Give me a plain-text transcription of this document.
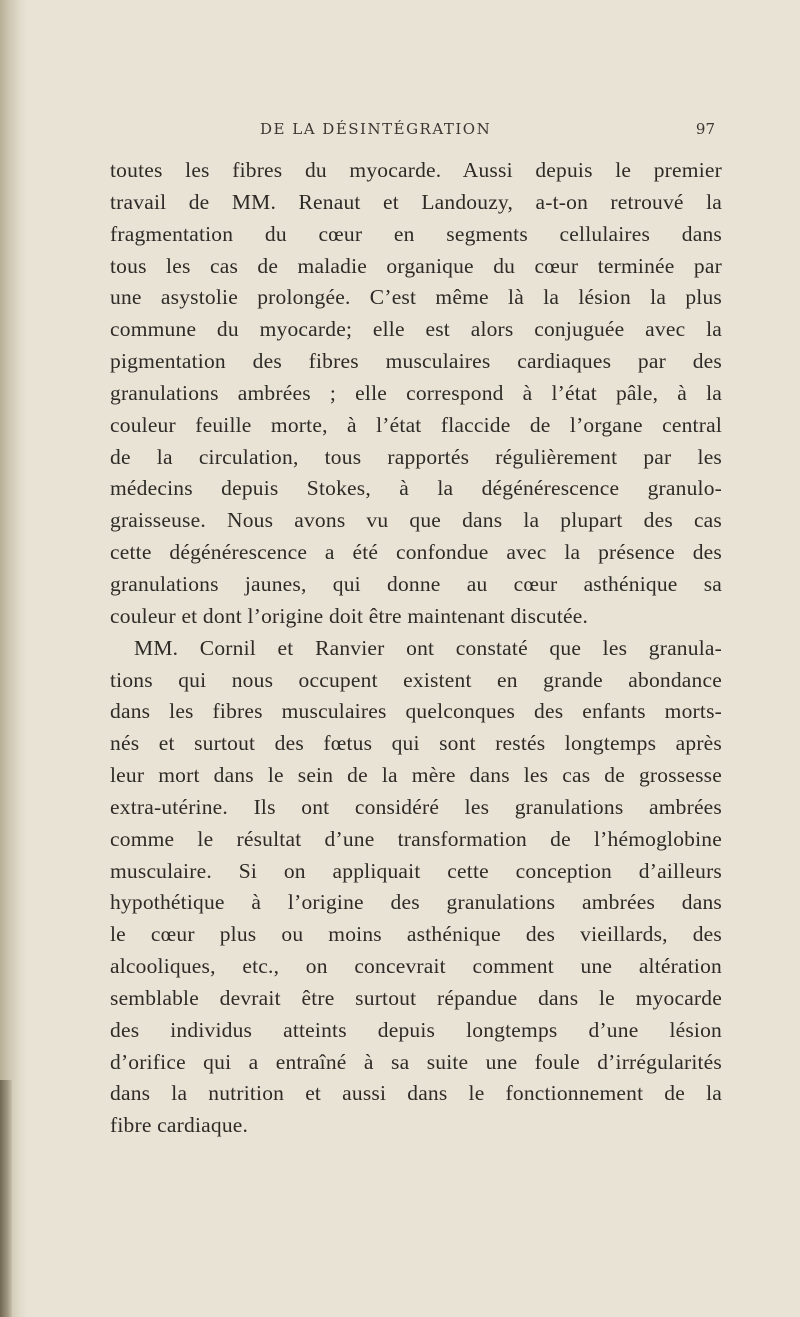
DE LA DÉSINTÉGRATION	97
toutes les fibres du myocarde. Aussi depuis le premier
travail de MM. Renaut et Landouzy, a-t-on retrouvé la
fragmentation du cœur en segments cellulaires dans
tous les cas de maladie organique du cœur terminée par
une asystolie prolongée. C’est même là la lésion la plus
commune du myocarde; elle est alors conjuguée avec la
pigmentation des fibres musculaires cardiaques par des
granulations ambrées ; elle correspond à l’état pâle, à la
couleur feuille morte, à l’état flaccide de l’organe central
de la circulation, tous rapportés régulièrement par les
médecins depuis Stokes, à la dégénérescence granulo-
graisseuse. Nous avons vu que dans la plupart des cas
cette dégénérescence a été confondue avec la présence des
granulations jaunes, qui donne au cœur asthénique sa
couleur et dont l’origine doit être maintenant discutée.
MM. Cornil et Ranvier ont constaté que les granula-
tions qui nous occupent existent en grande abondance
dans les fibres musculaires quelconques des enfants morts-
nés et surtout des fœtus qui sont restés longtemps après
leur mort dans le sein de la mère dans les cas de grossesse
extra-utérine. Ils ont considéré les granulations ambrées
comme le résultat d’une transformation de l’hémoglobine
musculaire. Si on appliquait cette conception d’ailleurs
hypothétique à l’origine des granulations ambrées dans
le cœur plus ou moins asthénique des vieillards, des
alcooliques, etc., on concevrait comment une altération
semblable devrait être surtout répandue dans le myocarde
des individus atteints depuis longtemps d’une lésion
d’orifice qui a entraîné à sa suite une foule d’irrégularités
dans la nutrition et aussi dans le fonctionnement de la
fibre cardiaque.
